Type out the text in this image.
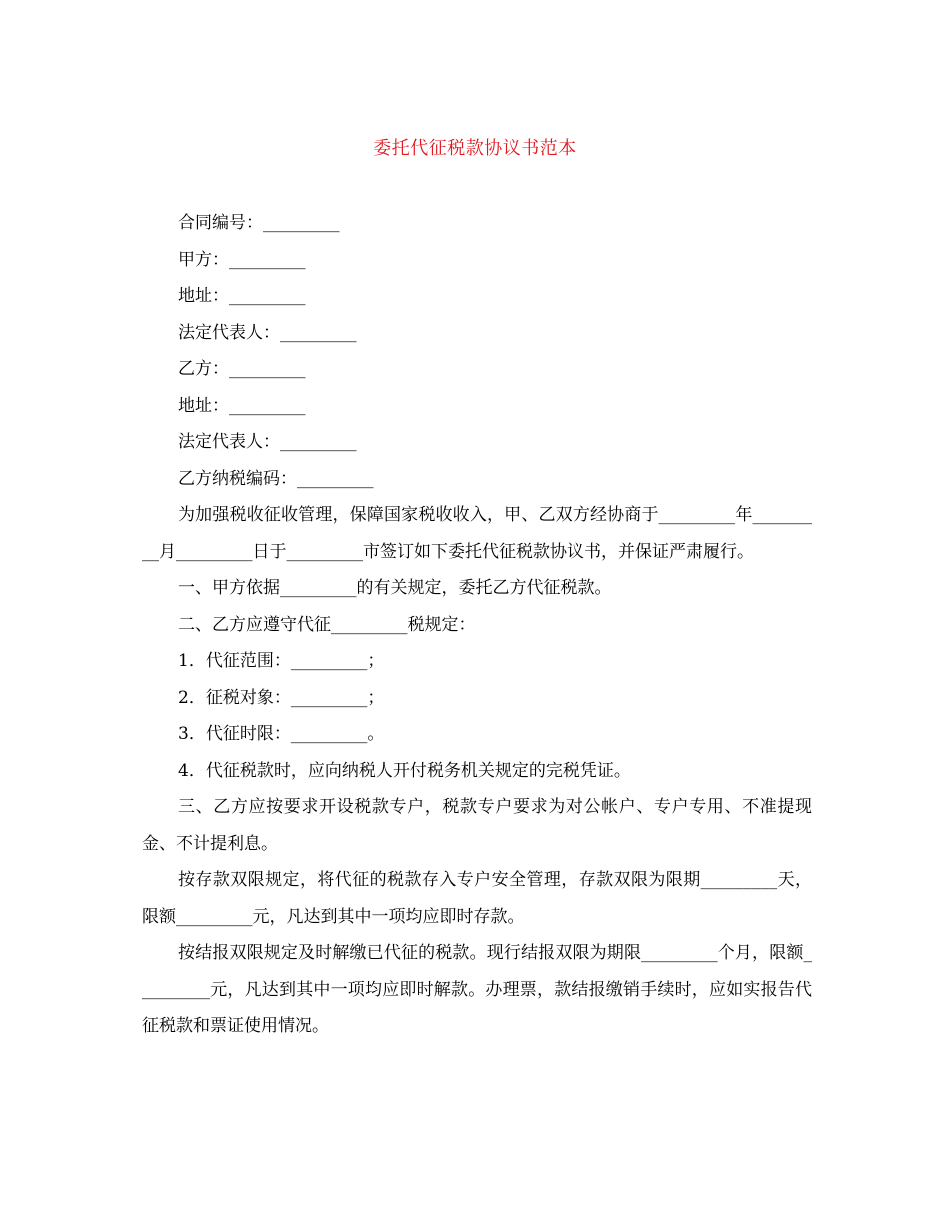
委托代征税款协议书范本

合同编号：_________

甲方：_________

地址：_________

法定代表人：_________

乙方：_________

地址：_________

法定代表人：_________

乙方纳税编码：_________

为加强税收征收管理，保障国家税收收入，甲、乙双方经协商于_________年_________月_________日于_________市签订如下委托代征税款协议书，并保证严肃履行。

一、甲方依据_________的有关规定，委托乙方代征税款。

二、乙方应遵守代征_________税规定：

1．代征范围：_________；

2．征税对象：_________；

3．代征时限：_________。

4．代征税款时，应向纳税人开付税务机关规定的完税凭证。

三、乙方应按要求开设税款专户，税款专户要求为对公帐户、专户专用、不准提现金、不计提利息。

按存款双限规定，将代征的税款存入专户安全管理，存款双限为限期_________天，限额_________元，凡达到其中一项均应即时存款。

按结报双限规定及时解缴已代征的税款。现行结报双限为期限_________个月，限额_________元，凡达到其中一项均应即时解款。办理票，款结报缴销手续时，应如实报告代征税款和票证使用情况。
